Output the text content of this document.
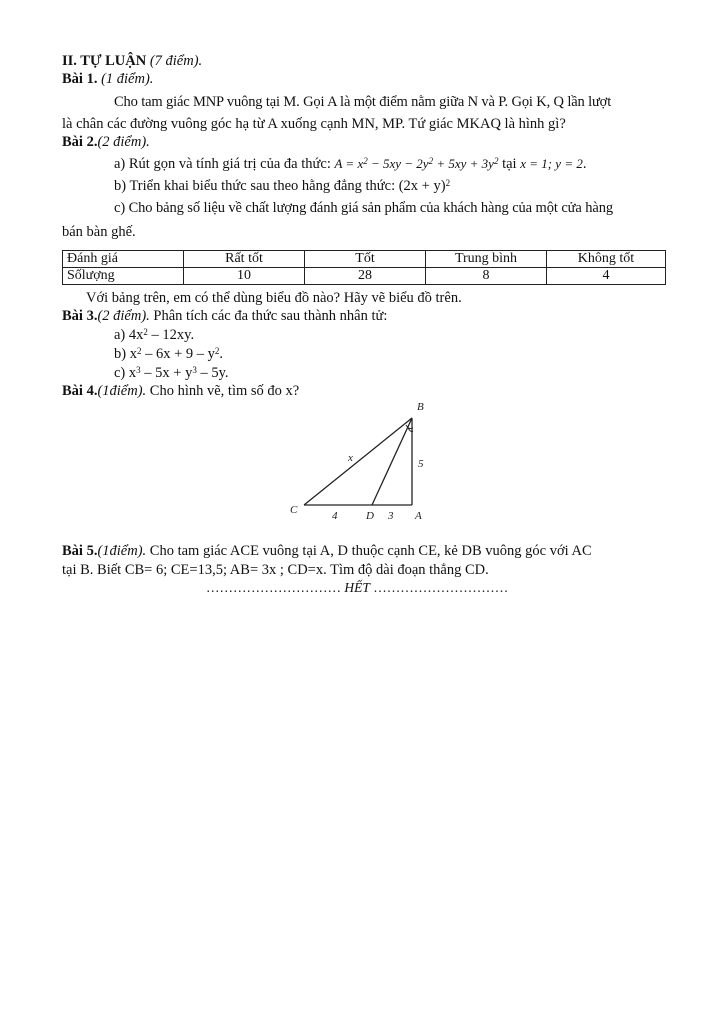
II. TỰ LUẬN (7 điểm).
Bài 1. (1 điểm).
Cho tam giác MNP vuông tại M. Gọi A là một điểm nằm giữa N và P. Gọi K, Q lần lượt
là chân các đường vuông góc hạ từ A xuống cạnh MN, MP. Tứ giác MKAQ là hình gì?
Bài 2.(2 điểm).
a) Rút gọn và tính giá trị của đa thức: $A = x^2 - 5xy - 2y^2 + 5xy + 3y^2$ tại x = 1; y = 2.
b) Triển khai biểu thức sau theo hằng đẳng thức: $(2x + y)^2$
c) Cho bảng số liệu về chất lượng đánh giá sản phẩm của khách hàng của một cửa hàng
bán bàn ghế.
Đánh giá	Rất tốt	Tốt	Trung bình	Không tốt
Sốlượng	10	28	8	4
Với bảng trên, em có thể dùng biểu đồ nào? Hãy vẽ biểu đồ trên.
Bài 3.(2 điểm). Phân tích các đa thức sau thành nhân tử:
a) $4x^2 - 12xy$.
b) $x^2 - 6x + 9 - y^2$.
c) $x^3 - 5x + y^3 - 5y$.
Bài 4.(1điểm). Cho hình vẽ, tìm số đo x?
B
C	D	A
x	5
4	3
Bài 5.(1điểm). Cho tam giác ACE vuông tại A, D thuộc cạnh CE, kẻ DB vuông góc với AC
tại B. Biết CB= 6; CE=13,5; AB= 3x ; CD=x. Tìm độ dài đoạn thẳng CD.
………………………… HẾT …………………………
